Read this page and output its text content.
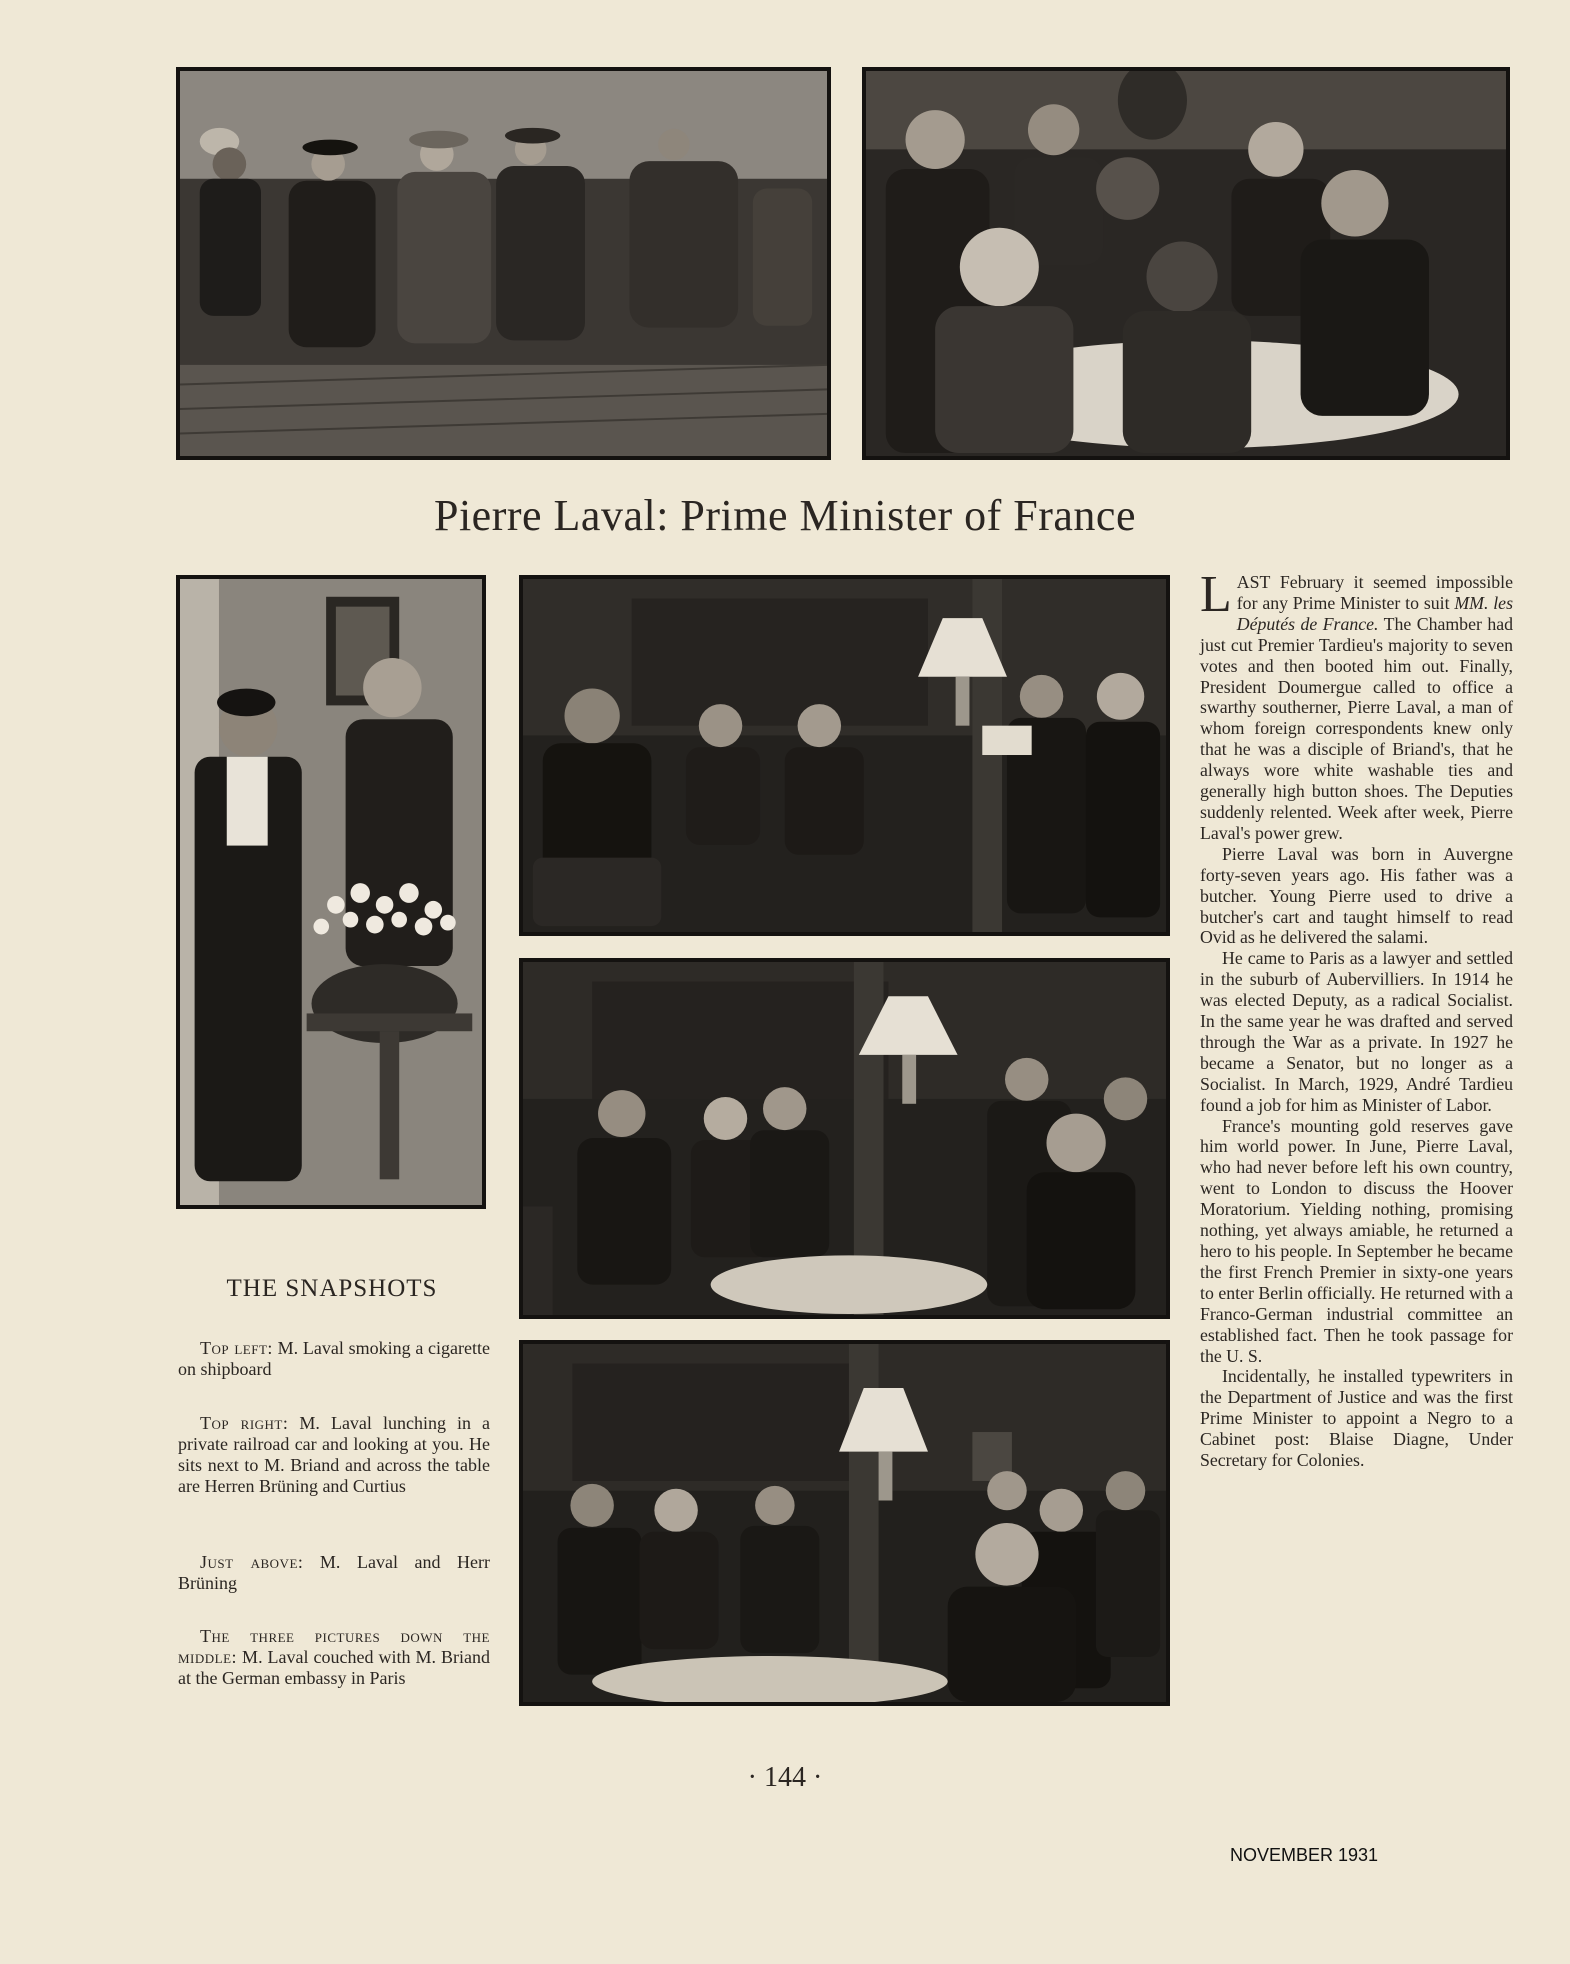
Pierre Laval: Prime Minister of France
THE SNAPSHOTS
Top left: M. Laval smoking a cigarette on shipboard
Top right: M. Laval lunching in a private railroad car and looking at you. He sits next to M. Briand and across the table are Herren Brüning and Curtius
Just above: M. Laval and Herr Brüning
The three pictures down the middle: M. Laval couched with M. Briand at the German embassy in Paris

LAST February it seemed impossible for any Prime Minister to suit MM. les Députés de France. The Chamber had just cut Premier Tardieu's majority to seven votes and then booted him out. Finally, President Doumergue called to office a swarthy southerner, Pierre Laval, a man of whom foreign correspondents knew only that he was a disciple of Briand's, that he always wore white washable ties and generally high button shoes. The Deputies suddenly relented. Week after week, Pierre Laval's power grew.

Pierre Laval was born in Auvergne forty-seven years ago. His father was a butcher. Young Pierre used to drive a butcher's cart and taught himself to read Ovid as he delivered the salami.

He came to Paris as a lawyer and settled in the suburb of Aubervilliers. In 1914 he was elected Deputy, as a radical Socialist. In the same year he was drafted and served through the War as a private. In 1927 he became a Senator, but no longer as a Socialist. In March, 1929, André Tardieu found a job for him as Minister of Labor.

France's mounting gold reserves gave him world power. In June, Pierre Laval, who had never before left his own country, went to London to discuss the Hoover Moratorium. Yielding nothing, promising nothing, yet always amiable, he returned a hero to his people. In September he became the first French Premier in sixty-one years to enter Berlin officially. He returned with a Franco-German industrial committee an established fact. Then he took passage for the U. S.

Incidentally, he installed typewriters in the Department of Justice and was the first Prime Minister to appoint a Negro to a Cabinet post: Blaise Diagne, Under Secretary for Colonies.

· 144 ·
NOVEMBER 1931
